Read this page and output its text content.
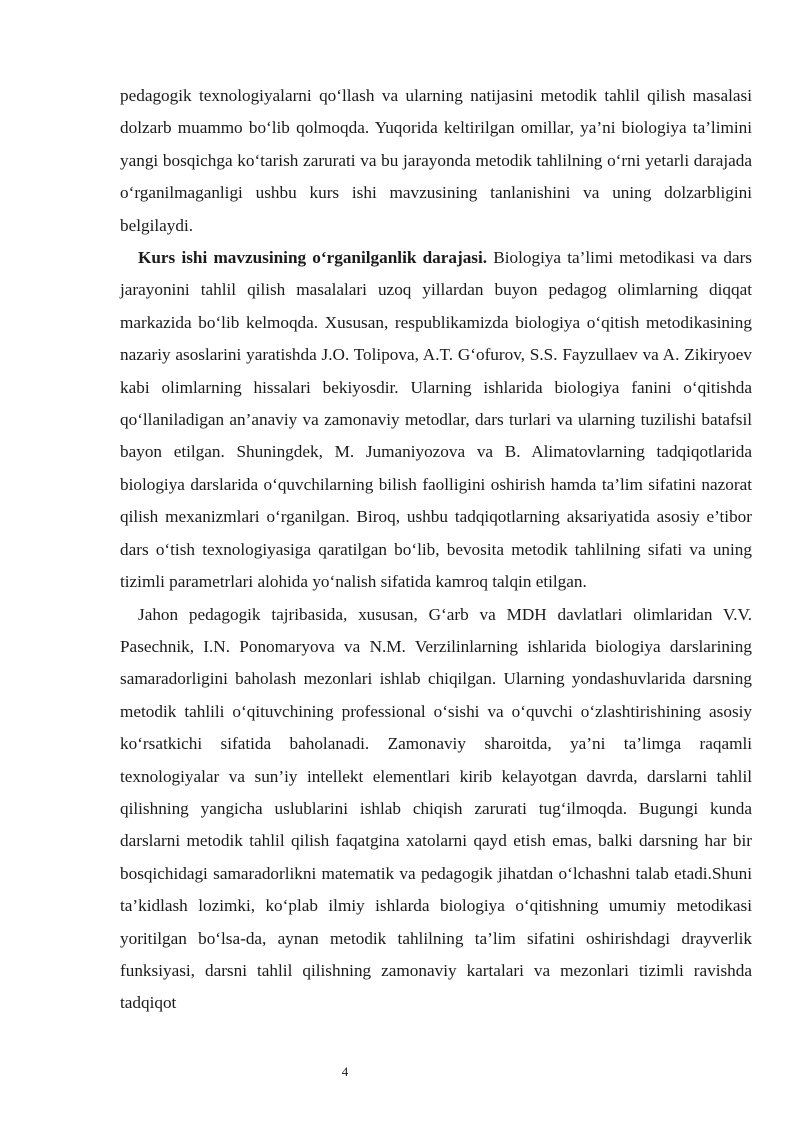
pedagogik texnologiyalarni qo‘llash va ularning natijasini metodik tahlil qilish masalasi dolzarb muammo bo‘lib qolmoqda. Yuqorida keltirilgan omillar, ya’ni biologiya ta’limini yangi bosqichga ko‘tarish zarurati va bu jarayonda metodik tahlilning o‘rni yetarli darajada o‘rganilmaganligi ushbu kurs ishi mavzusining tanlanishini va uning dolzarbligini belgilaydi.

Kurs ishi mavzusining o‘rganilganlik darajasi. Biologiya ta’limi metodikasi va dars jarayonini tahlil qilish masalalari uzoq yillardan buyon pedagog olimlarning diqqat markazida bo‘lib kelmoqda. Xususan, respublikamizda biologiya o‘qitish metodikasining nazariy asoslarini yaratishda J.O. Tolipova, A.T. G‘ofurov, S.S. Fayzullaev va A. Zikiryoev kabi olimlarning hissalari bekiyosdir. Ularning ishlarida biologiya fanini o‘qitishda qo‘llaniladigan an’anaviy va zamonaviy metodlar, dars turlari va ularning tuzilishi batafsil bayon etilgan. Shuningdek, M. Jumaniyozova va B. Alimatovlarning tadqiqotlarida biologiya darslarida o‘quvchilarning bilish faolligini oshirish hamda ta’lim sifatini nazorat qilish mexanizmlari o‘rganilgan. Biroq, ushbu tadqiqotlarning aksariyatida asosiy e’tibor dars o‘tish texnologiyasiga qaratilgan bo‘lib, bevosita metodik tahlilning sifati va uning tizimli parametrlari alohida yo‘nalish sifatida kamroq talqin etilgan.

Jahon pedagogik tajribasida, xususan, G‘arb va MDH davlatlari olimlaridan V.V. Pasechnik, I.N. Ponomaryova va N.M. Verzilinlarning ishlarida biologiya darslarining samaradorligini baholash mezonlari ishlab chiqilgan. Ularning yondashuvlarida darsning metodik tahlili o‘qituvchining professional o‘sishi va o‘quvchi o‘zlashtirishining asosiy ko‘rsatkichi sifatida baholanadi. Zamonaviy sharoitda, ya’ni ta’limga raqamli texnologiyalar va sun’iy intellekt elementlari kirib kelayotgan davrda, darslarni tahlil qilishning yangicha uslublarini ishlab chiqish zarurati tug‘ilmoqda. Bugungi kunda darslarni metodik tahlil qilish faqatgina xatolarni qayd etish emas, balki darsning har bir bosqichidagi samaradorlikni matematik va pedagogik jihatdan o‘lchashni talab etadi.Shuni ta’kidlash lozimki, ko‘plab ilmiy ishlarda biologiya o‘qitishning umumiy metodikasi yoritilgan bo‘lsa-da, aynan metodik tahlilning ta’lim sifatini oshirishdagi drayverlik funksiyasi, darsni tahlil qilishning zamonaviy kartalari va mezonlari tizimli ravishda tadqiqot

4
